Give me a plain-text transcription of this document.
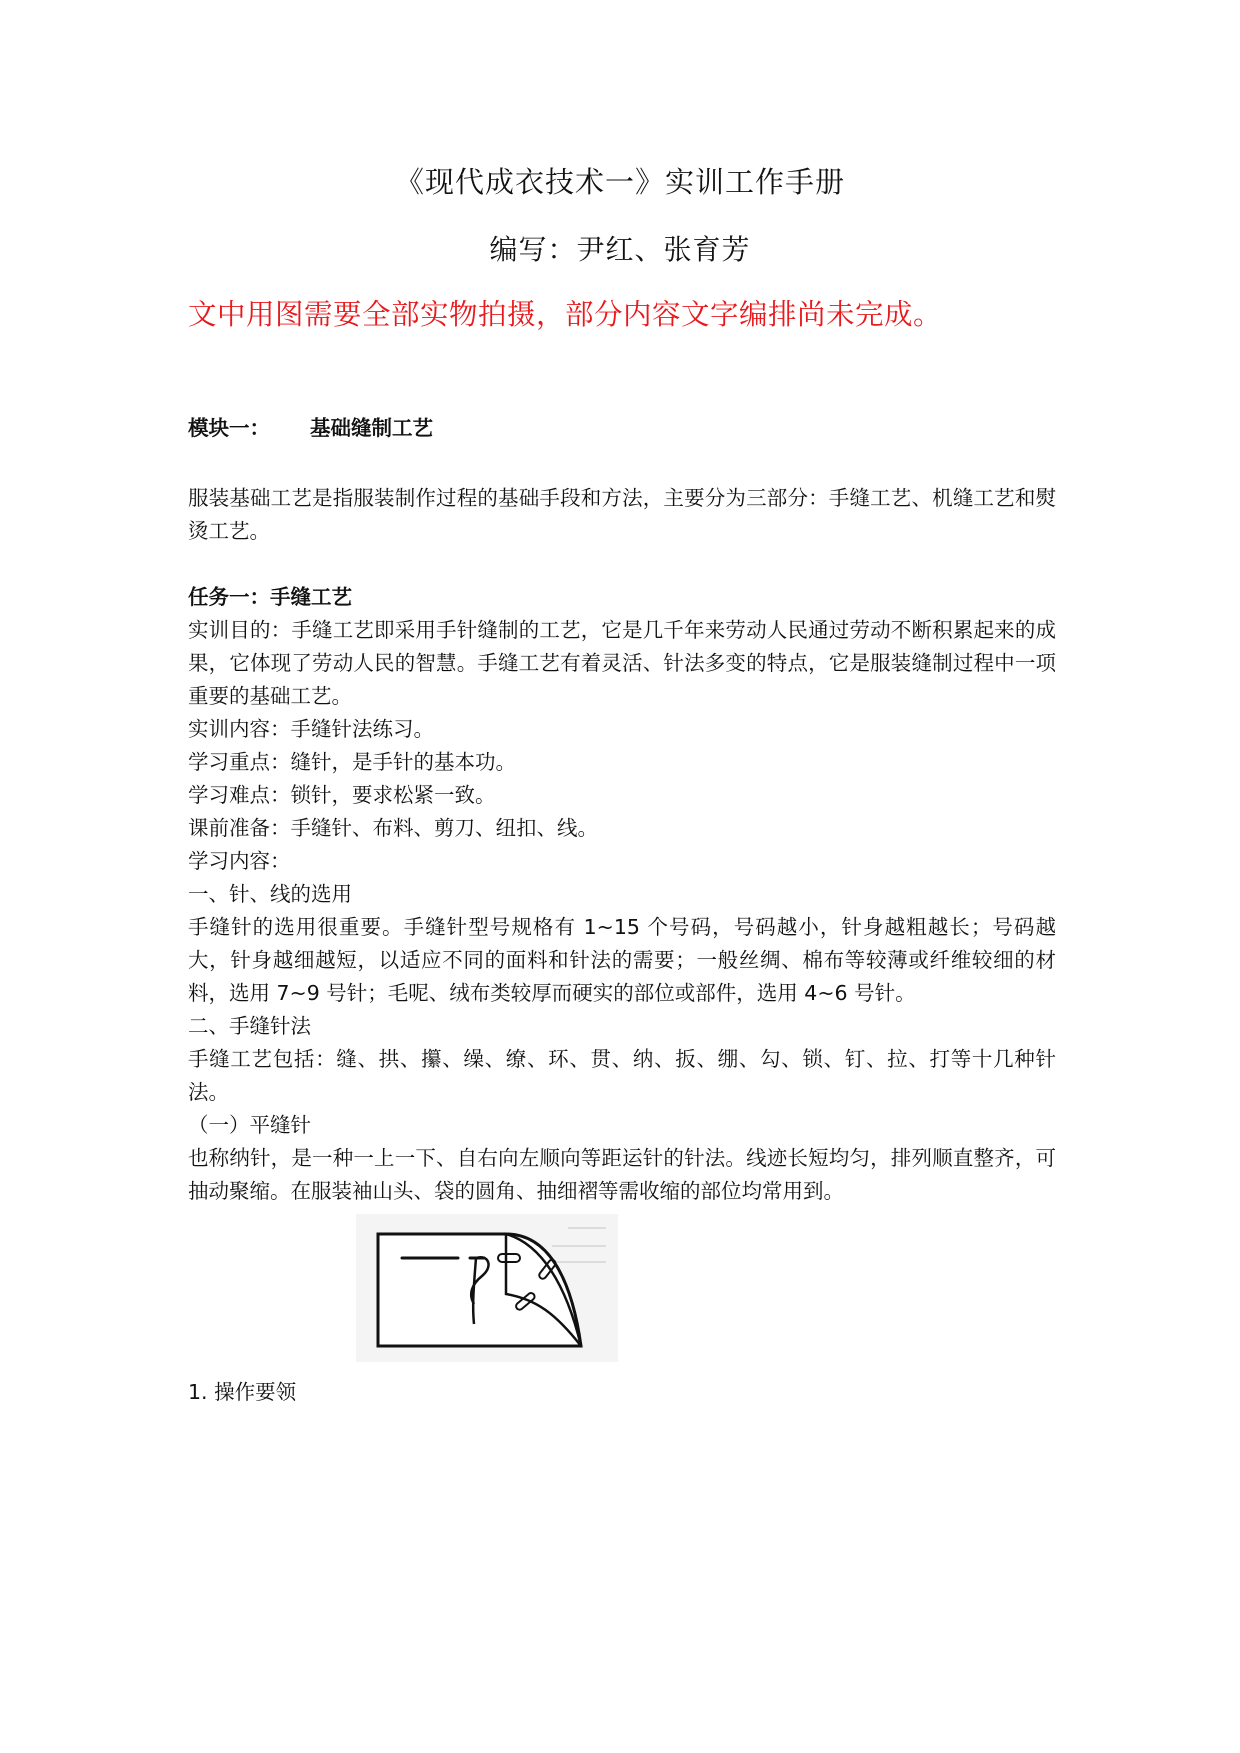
《现代成衣技术一》实训工作手册
编写：尹红、张育芳
文中用图需要全部实物拍摄，部分内容文字编排尚未完成。

模块一： 基础缝制工艺

服装基础工艺是指服装制作过程的基础手段和方法，主要分为三部分：手缝工艺、机缝工艺和熨烫工艺。

任务一：手缝工艺

实训目的：手缝工艺即采用手针缝制的工艺，它是几千年来劳动人民通过劳动不断积累起来的成果，它体现了劳动人民的智慧。手缝工艺有着灵活、针法多变的特点，它是服装缝制过程中一项重要的基础工艺。

实训内容：手缝针法练习。

学习重点：缝针，是手针的基本功。

学习难点：锁针，要求松紧一致。

课前准备：手缝针、布料、剪刀、纽扣、线。

学习内容：

一、针、线的选用

手缝针的选用很重要。手缝针型号规格有 1~15 个号码，号码越小，针身越粗越长；号码越大，针身越细越短，以适应不同的面料和针法的需要；一般丝绸、棉布等较薄或纤维较细的材料，选用 7~9 号针；毛呢、绒布类较厚而硬实的部位或部件，选用 4~6 号针。

二、手缝针法

手缝工艺包括：缝、拱、攥、缲、缭、环、贯、纳、扳、绷、勾、锁、钉、拉、打等十几种针法。

（一）平缝针

也称纳针，是一种一上一下、自右向左顺向等距运针的针法。线迹长短均匀，排列顺直整齐，可抽动聚缩。在服装袖山头、袋的圆角、抽细褶等需收缩的部位均常用到。

1. 操作要领
